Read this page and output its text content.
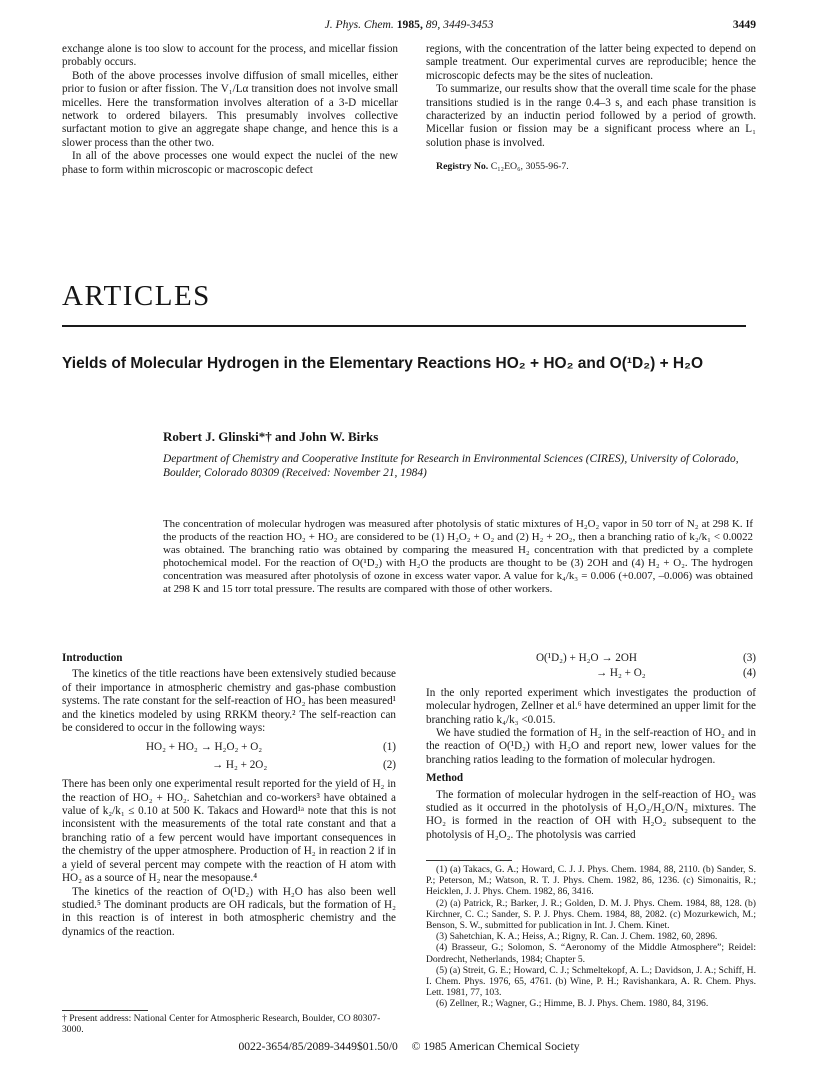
J. Phys. Chem. 1985, 89, 3449-3453	3449

exchange alone is too slow to account for the process, and micellar fission probably occurs.

Both of the above processes involve diffusion of small micelles, either prior to fusion or after fission. The V₁/Lα transition does not involve small micelles. Here the transformation involves alteration of a 3-D micellar network to ordered bilayers. This presumably involves collective surfactant motion to give an aggregate shape change, and hence this is a slower process than the other two.

In all of the above processes one would expect the nuclei of the new phase to form within microscopic or macroscopic defect

regions, with the concentration of the latter being expected to depend on sample treatment. Our experimental curves are reproducible; hence the microscopic defects may be the sites of nucleation.

To summarize, our results show that the overall time scale for the phase transitions studied is in the range 0.4–3 s, and each phase transition is characterized by an inductin period followed by a period of growth. Micellar fusion or fission may be a significant process where an L₁ solution phase is involved.

Registry No. C₁₂EO₆, 3055-96-7.

ARTICLES
Yields of Molecular Hydrogen in the Elementary Reactions HO₂ + HO₂ and O(¹D₂) + H₂O
Robert J. Glinski*† and John W. Birks
Department of Chemistry and Cooperative Institute for Research in Environmental Sciences (CIRES), University of Colorado, Boulder, Colorado 80309 (Received: November 21, 1984)
The concentration of molecular hydrogen was measured after photolysis of static mixtures of H₂O₂ vapor in 50 torr of N₂ at 298 K. If the products of the reaction HO₂ + HO₂ are considered to be (1) H₂O₂ + O₂ and (2) H₂ + 2O₂, then a branching ratio of k₂/k₁ < 0.0022 was obtained. The branching ratio was obtained by comparing the measured H₂ concentration with that predicted by a complete photochemical model. For the reaction of O(¹D₂) with H₂O the products are thought to be (3) 2OH and (4) H₂ + O₂. The hydrogen concentration was measured after photolysis of ozone in excess water vapor. A value for k₄/k₃ = 0.006 (+0.007, –0.006) was obtained at 298 K and 15 torr total pressure. The results are compared with those of other workers.

Introduction

The kinetics of the title reactions have been extensively studied because of their importance in atmospheric chemistry and gas-phase combustion systems. The rate constant for the self-reaction of HO₂ has been measured¹ and the kinetics modeled by using RRKM theory.² The self-reaction can be considered to occur in the following ways:

HO₂ + HO₂ → H₂O₂ + O₂	(1)
→ H₂ + 2O₂	(2)

There has been only one experimental result reported for the yield of H₂ in the reaction of HO₂ + HO₂. Sahetchian and co-workers³ have obtained a value of k₂/k₁ ≤ 0.10 at 500 K. Takacs and Howard¹ᵃ note that this is not inconsistent with the measurements of the total rate constant and that a branching ratio of a few percent would have important consequences in the chemistry of the upper atmosphere. Production of H₂ in reaction 2 if in a yield of several percent may compete with the reaction of H atom with HO₂ as a source of H₂ near the mesopause.⁴

The kinetics of the reaction of O(¹D₂) with H₂O has also been well studied.⁵ The dominant products are OH radicals, but the formation of H₂ in this reaction is of interest in both atmospheric chemistry and the dynamics of the reaction.

† Present address: National Center for Atmospheric Research, Boulder, CO 80307-3000.
O(¹D₂) + H₂O → 2OH	(3)
→ H₂ + O₂	(4)

In the only reported experiment which investigates the production of molecular hydrogen, Zellner et al.⁶ have determined an upper limit for the branching ratio k₄/k₃ <0.015.

We have studied the formation of H₂ in the self-reaction of HO₂ and in the reaction of O(¹D₂) with H₂O and report new, lower values for the branching ratios leading to the formation of molecular hydrogen.

Method

The formation of molecular hydrogen in the self-reaction of HO₂ was studied as it occurred in the photolysis of H₂O₂/H₂O/N₂ mixtures. The HO₂ is formed in the reaction of OH with H₂O₂ subsequent to the photolysis of H₂O₂. The photolysis was carried

(1) (a) Takacs, G. A.; Howard, C. J. J. Phys. Chem. 1984, 88, 2110. (b) Sander, S. P.; Peterson, M.; Watson, R. T. J. Phys. Chem. 1982, 86, 1236. (c) Simonaitis, R.; Heicklen, J. J. Phys. Chem. 1982, 86, 3416.
(2) (a) Patrick, R.; Barker, J. R.; Golden, D. M. J. Phys. Chem. 1984, 88, 128. (b) Kirchner, C. C.; Sander, S. P. J. Phys. Chem. 1984, 88, 2082. (c) Mozurkewich, M.; Benson, S. W., submitted for publication in Int. J. Chem. Kinet.
(3) Sahetchian, K. A.; Heiss, A.; Rigny, R. Can. J. Chem. 1982, 60, 2896.
(4) Brasseur, G.; Solomon, S. “Aeronomy of the Middle Atmosphere”; Reidel: Dordrecht, Netherlands, 1984; Chapter 5.
(5) (a) Streit, G. E.; Howard, C. J.; Schmeltekopf, A. L.; Davidson, J. A.; Schiff, H. I. Chem. Phys. 1976, 65, 4761. (b) Wine, P. H.; Ravishankara, A. R. Chem. Phys. Lett. 1981, 77, 103.
(6) Zellner, R.; Wagner, G.; Himme, B. J. Phys. Chem. 1980, 84, 3196.
0022-3654/85/2089-3449$01.50/0 © 1985 American Chemical Society
